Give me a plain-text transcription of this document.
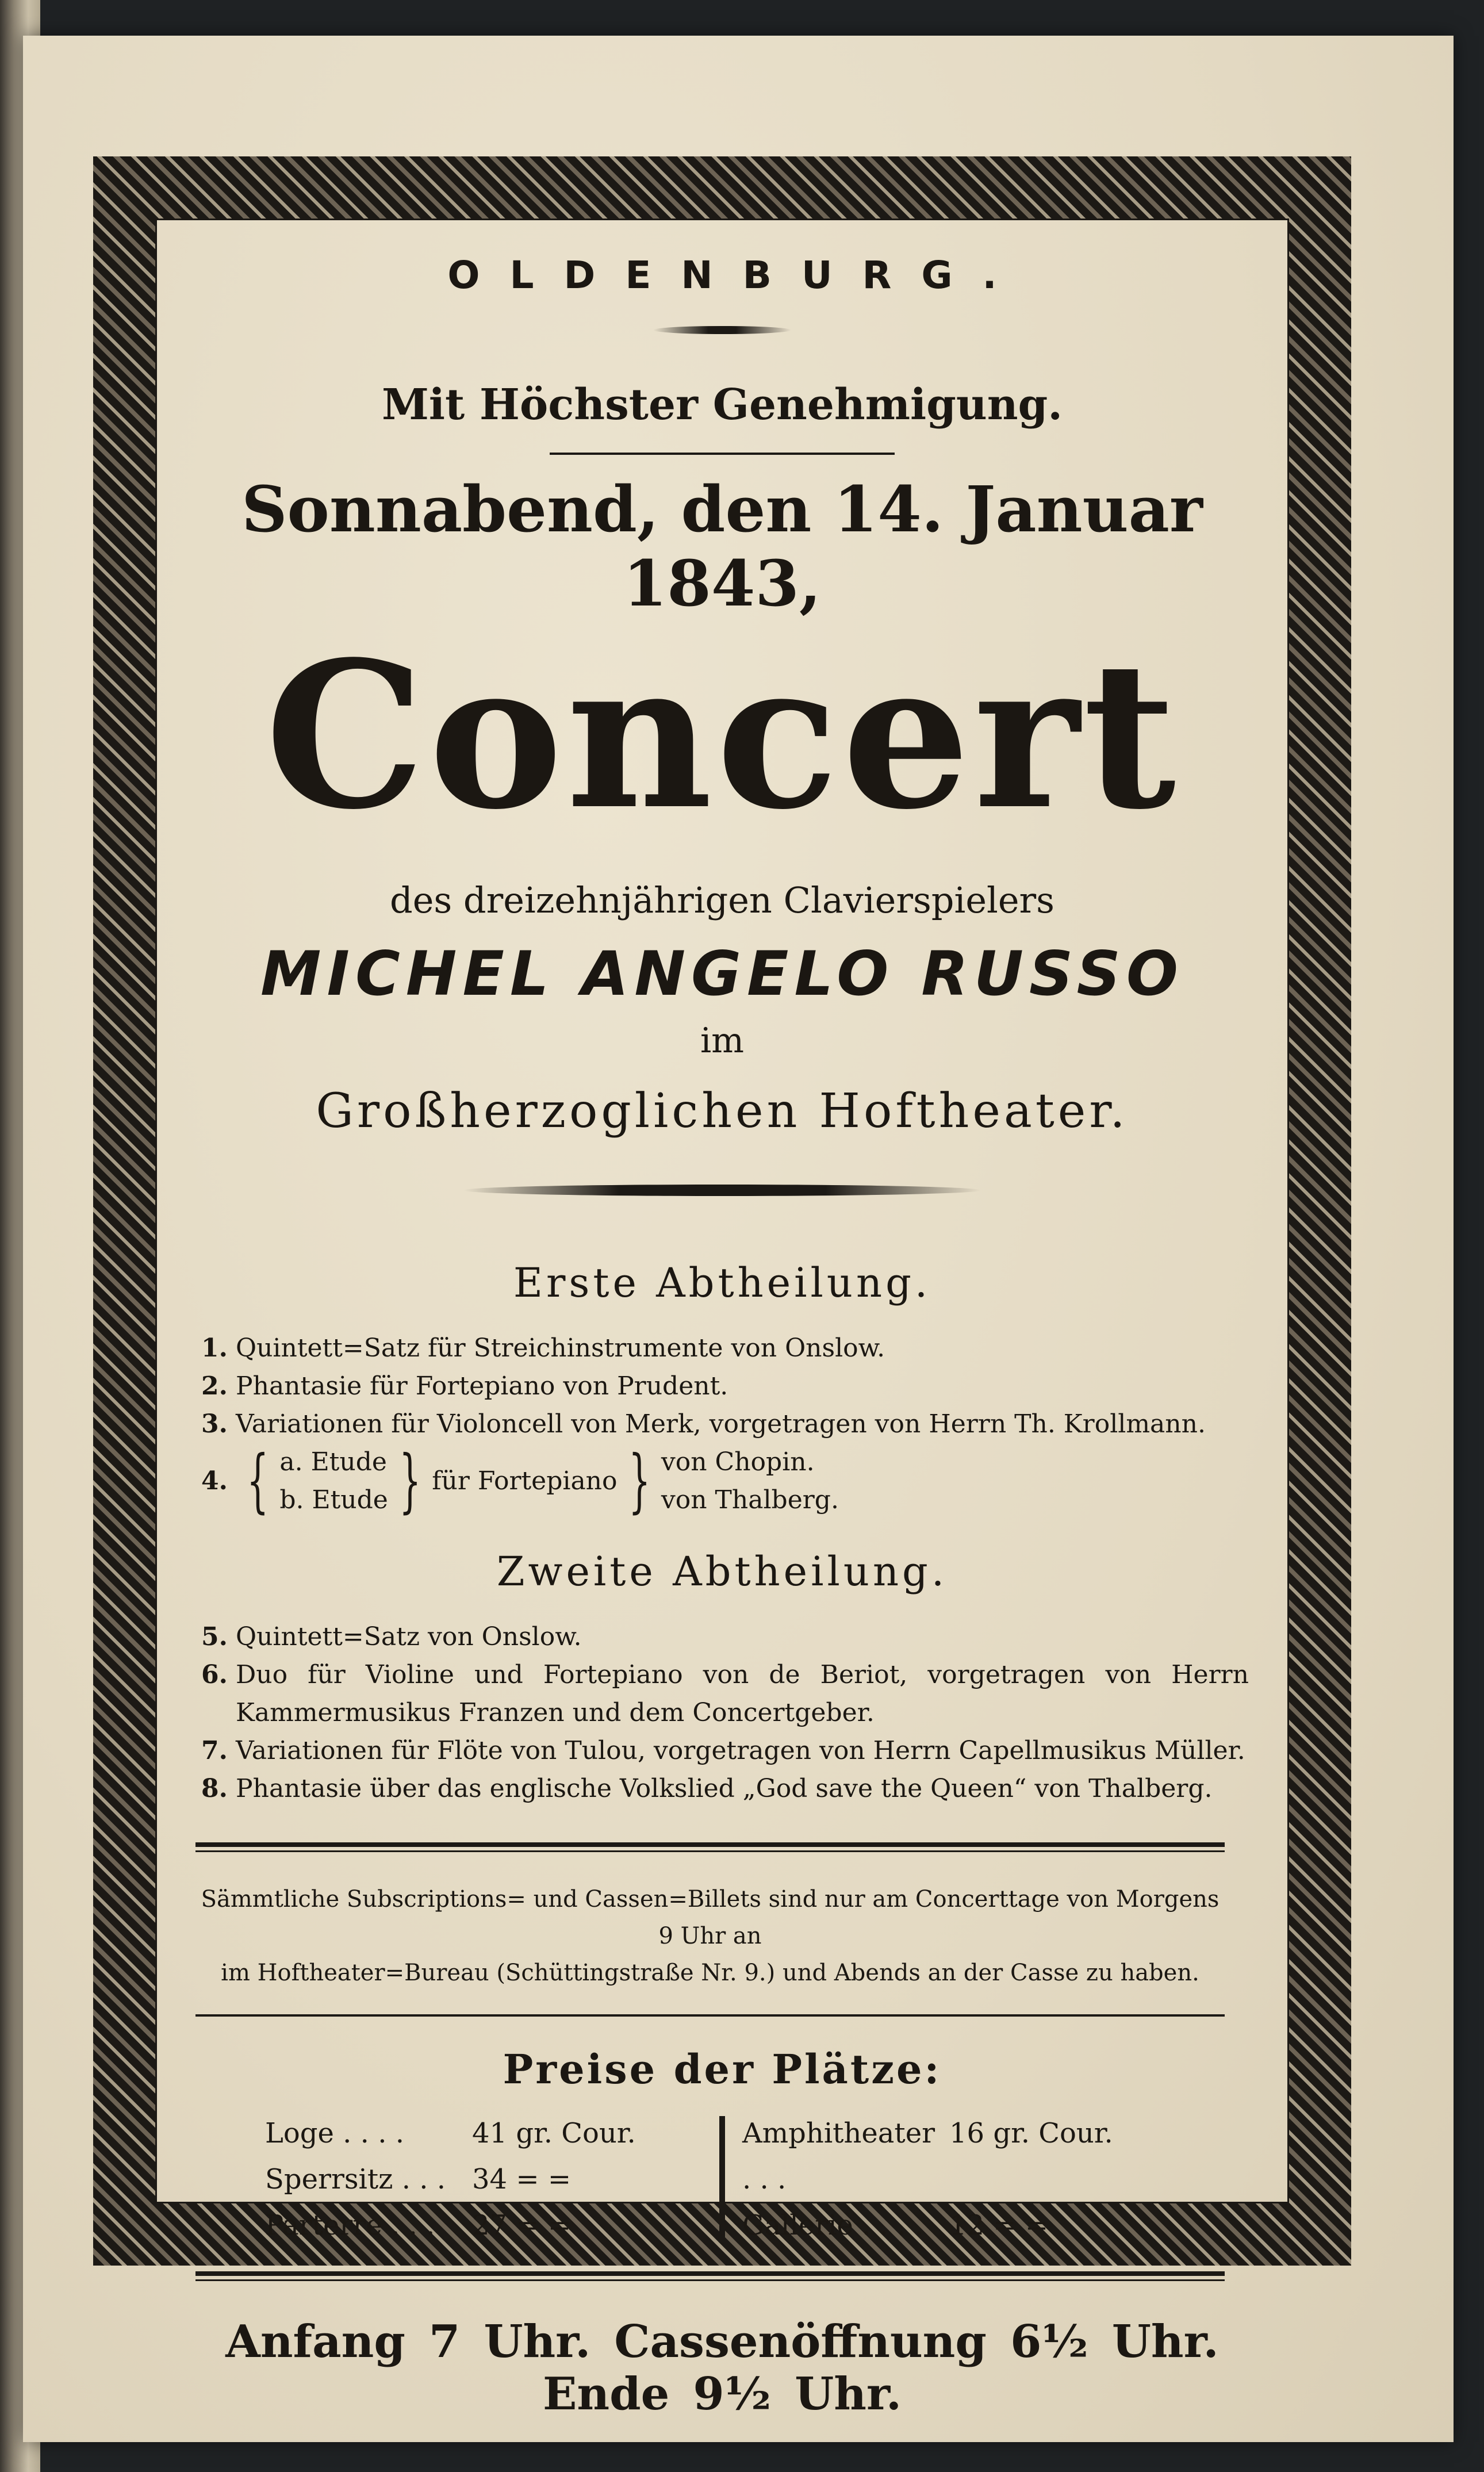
OLDENBURG.
Mit Höchster Genehmigung.
Sonnabend, den 14. Januar 1843,
Concert
des dreizehnjährigen Clavierspielers
MICHEL ANGELO RUSSO
im
Großherzoglichen Hoftheater.
Erste Abtheilung.
1. Quintett=Satz für Streichinstrumente von Onslow.
2. Phantasie für Fortepiano von Prudent.
3. Variationen für Violoncell von Merk, vorgetragen von Herrn Th. Krollmann.
4. { a. Etude
b. Etude } für Fortepiano } von Chopin.
von Thalberg.
Zweite Abtheilung.
5. Quintett=Satz von Onslow.
6. Duo für Violine und Fortepiano von de Beriot, vorgetragen von Herrn Kammermusikus Franzen und dem Concertgeber.
7. Variationen für Flöte von Tulou, vorgetragen von Herrn Capellmusikus Müller.
8. Phantasie über das englische Volkslied „God save the Queen“ von Thalberg.
Sämmtliche Subscriptions= und Cassen=Billets sind nur am Concerttage von Morgens 9 Uhr an
im Hoftheater=Bureau (Schüttingstraße Nr. 9.) und Abends an der Casse zu haben.
Preise der Plätze:
Loge . . . .	41 gr. Cour.
Sperrsitz . . . 34 = =
Parterre . . .	27 = =
Amphitheater . . .
16 gr. Cour.
Gallerie . . . . 12 = =
Anfang 7 Uhr. Cassenöffnung 6½ Uhr. Ende 9½ Uhr.
